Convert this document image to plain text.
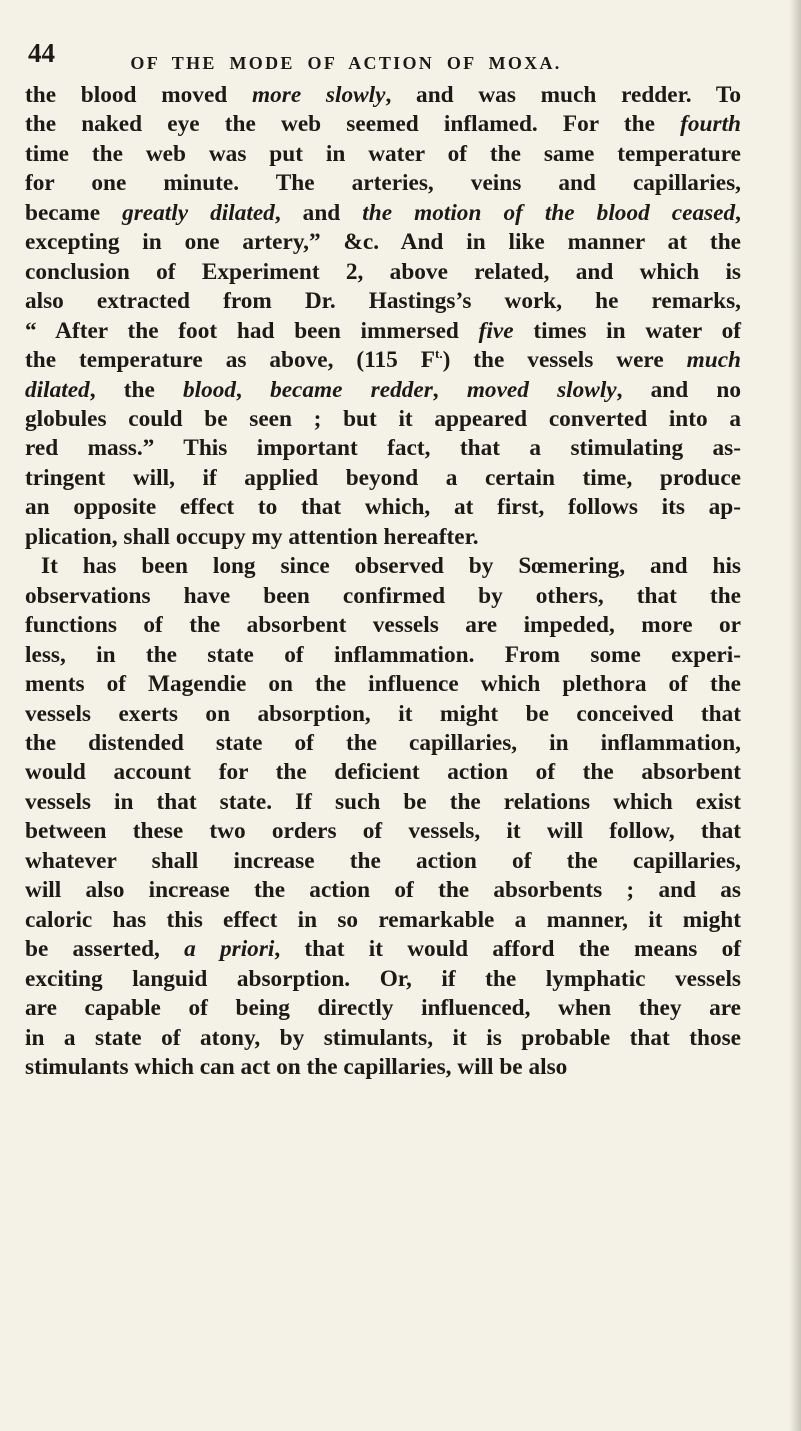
44	OF THE MODE OF ACTION OF MOXA.
the blood moved more slowly, and was much redder. To
the naked eye the web seemed inflamed. For the fourth
time the web was put in water of the same temperature
for one minute. The arteries, veins and capillaries,
became greatly dilated, and the motion of the blood ceased,
excepting in one artery,” &c. And in like manner at the
conclusion of Experiment 2, above related, and which is
also extracted from Dr. Hastings’s work, he remarks,
“ After the foot had been immersed five times in water of
the temperature as above, (115 $F^{t.}$) the vessels were much
dilated, the blood, became redder, moved slowly, and no
globules could be seen ; but it appeared converted into a
red mass.” This important fact, that a stimulating as-
tringent will, if applied beyond a certain time, produce
an opposite effect to that which, at first, follows its ap-
plication, shall occupy my attention hereafter.
It has been long since observed by Sœmering, and his
observations have been confirmed by others, that the
functions of the absorbent vessels are impeded, more or
less, in the state of inflammation. From some experi-
ments of Magendie on the influence which plethora of the
vessels exerts on absorption, it might be conceived that
the distended state of the capillaries, in inflammation,
would account for the deficient action of the absorbent
vessels in that state. If such be the relations which exist
between these two orders of vessels, it will follow, that
whatever shall increase the action of the capillaries,
will also increase the action of the absorbents ; and as
caloric has this effect in so remarkable a manner, it might
be asserted, a priori, that it would afford the means of
exciting languid absorption. Or, if the lymphatic vessels
are capable of being directly influenced, when they are
in a state of atony, by stimulants, it is probable that those
stimulants which can act on the capillaries, will be also
